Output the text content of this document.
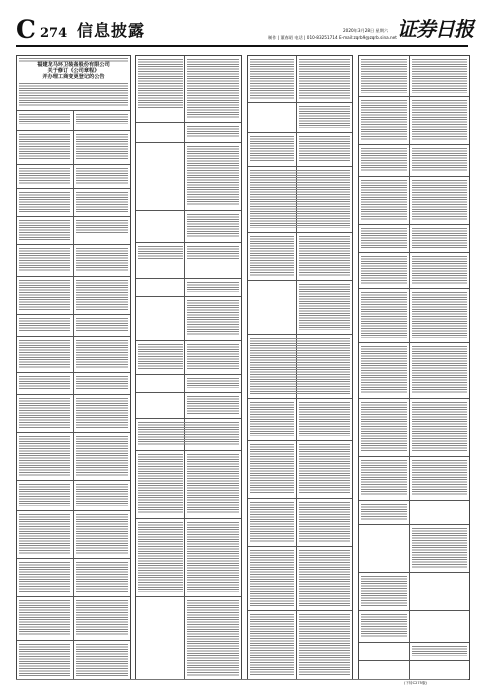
C 274 信息披露	2020年3月28日 星期六
制作 | 董春昭 电话 | 010-83251714 E-mail:zqrb9@zqrb.sina.net 证券日报
福建龙马环卫装备股份有限公司
关于修订《公司章程》
并办理工商变更登记的公告
(下转C275版)
